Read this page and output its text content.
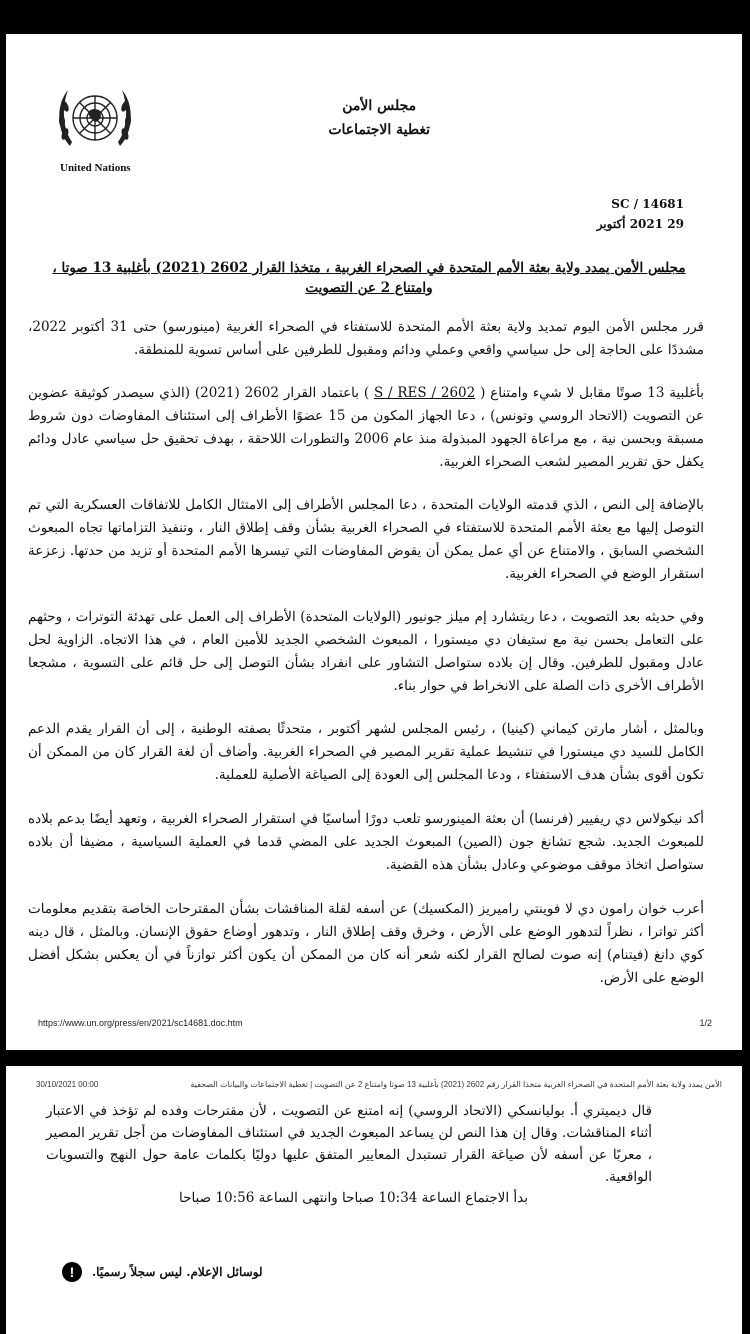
United Nations
مجلس الأمن
تغطية الاجتماعات
SC / 14681
29 2021 أكتوبر
مجلس الأمن يمدد ولاية بعثة الأمم المتحدة في الصحراء الغربية ، متخذا القرار 2602 (2021) بأغلبية 13 صوتا ، وامتناع 2 عن التصويت
قرر مجلس الأمن اليوم تمديد ولاية بعثة الأمم المتحدة للاستفتاء في الصحراء الغربية (مينورسو) حتى 31 أكتوبر 2022، مشددًا على الحاجة إلى حل سياسي واقعي وعملي ودائم ومقبول للطرفين على أساس تسوية للمنطقة.
بأغلبية 13 صوتًا مقابل لا شيء وامتناع ( S / RES / 2602 ) باعتماد القرار 2602 (2021) (الذي سيصدر كوثيقة عضوين عن التصويت (الاتحاد الروسي وتونس) ، دعا الجهاز المكون من 15 عضوًا الأطراف إلى استئناف المفاوضات دون شروط مسبقة وبحسن نية ، مع مراعاة الجهود المبذولة منذ عام 2006 والتطورات اللاحقة ، بهدف تحقيق حل سياسي عادل ودائم يكفل حق تقرير المصير لشعب الصحراء الغربية.
بالإضافة إلى النص ، الذي قدمته الولايات المتحدة ، دعا المجلس الأطراف إلى الامتثال الكامل للاتفاقات العسكرية التي تم التوصل إليها مع بعثة الأمم المتحدة للاستفتاء في الصحراء الغربية بشأن وقف إطلاق النار ، وتنفيذ التزاماتها تجاه المبعوث الشخصي السابق ، والامتناع عن أي عمل يمكن أن يقوض المفاوضات التي تيسرها الأمم المتحدة أو تزيد من حدتها. زعزعة استقرار الوضع في الصحراء الغربية.
وفي حديثه بعد التصويت ، دعا ريتشارد إم ميلز جونيور (الولايات المتحدة) الأطراف إلى العمل على تهدئة التوترات ، وحثهم على التعامل بحسن نية مع ستيفان دي ميستورا ، المبعوث الشخصي الجديد للأمين العام ، في هذا الاتجاه. الزاوية لحل عادل ومقبول للطرفين. وقال إن بلاده ستواصل التشاور على انفراد بشأن التوصل إلى حل قائم على التسوية ، مشجعا الأطراف الأخرى ذات الصلة على الانخراط في حوار بناء.
وبالمثل ، أشار مارتن كيماني (كينيا) ، رئيس المجلس لشهر أكتوبر ، متحدثًا بصفته الوطنية ، إلى أن القرار يقدم الدعم الكامل للسيد دي ميستورا في تنشيط عملية تقرير المصير في الصحراء الغربية. وأضاف أن لغة القرار كان من الممكن أن تكون أقوى بشأن هدف الاستفتاء ، ودعا المجلس إلى العودة إلى الصياغة الأصلية للعملية.
أكد نيكولاس دي ريفيير (فرنسا) أن بعثة المينورسو تلعب دورًا أساسيًا في استقرار الصحراء الغربية ، وتعهد أيضًا بدعم بلاده للمبعوث الجديد. شجع تشانغ جون (الصين) المبعوث الجديد على المضي قدما في العملية السياسية ، مضيفا أن بلاده ستواصل اتخاذ موقف موضوعي وعادل بشأن هذه القضية.
أعرب خوان رامون دي لا فوينتي راميريز (المكسيك) عن أسفه لقلة المناقشات بشأن المقترحات الخاصة بتقديم معلومات أكثر تواترا ، نظراً لتدهور الوضع على الأرض ، وخرق وقف إطلاق النار ، وتدهور أوضاع حقوق الإنسان. وبالمثل ، قال دينه كوي دانغ (فيتنام) إنه صوت لصالح القرار لكنه شعر أنه كان من الممكن أن يكون أكثر توازناً في أن يعكس بشكل أفضل الوضع على الأرض.
https://www.un.org/press/en/2021/sc14681.doc.htm	1/2
30/10/2021 00:00	الأمن يمدد ولاية بعثة الأمم المتحدة في الصحراء الغربية متخذا القرار رقم 2602 (2021) بأغلبية 13 صوتا وامتناع 2 عن التصويت | تغطية الاجتماعات والبيانات الصحفية
قال ديميتري أ. بوليانسكي (الاتحاد الروسي) إنه امتنع عن التصويت ، لأن مقترحات وفده لم تؤخذ في الاعتبار أثناء المناقشات. وقال إن هذا النص لن يساعد المبعوث الجديد في استئناف المفاوضات من أجل تقرير المصير ، معربًا عن أسفه لأن صياغة القرار تستبدل المعايير المتفق عليها دوليًا بكلمات عامة حول النهج والتسويات الواقعية.
بدأ الاجتماع الساعة 10:34 صباحا وانتهى الساعة 10:56 صباحا
!	لوسائل الإعلام. ليس سجلاً رسميًا.
